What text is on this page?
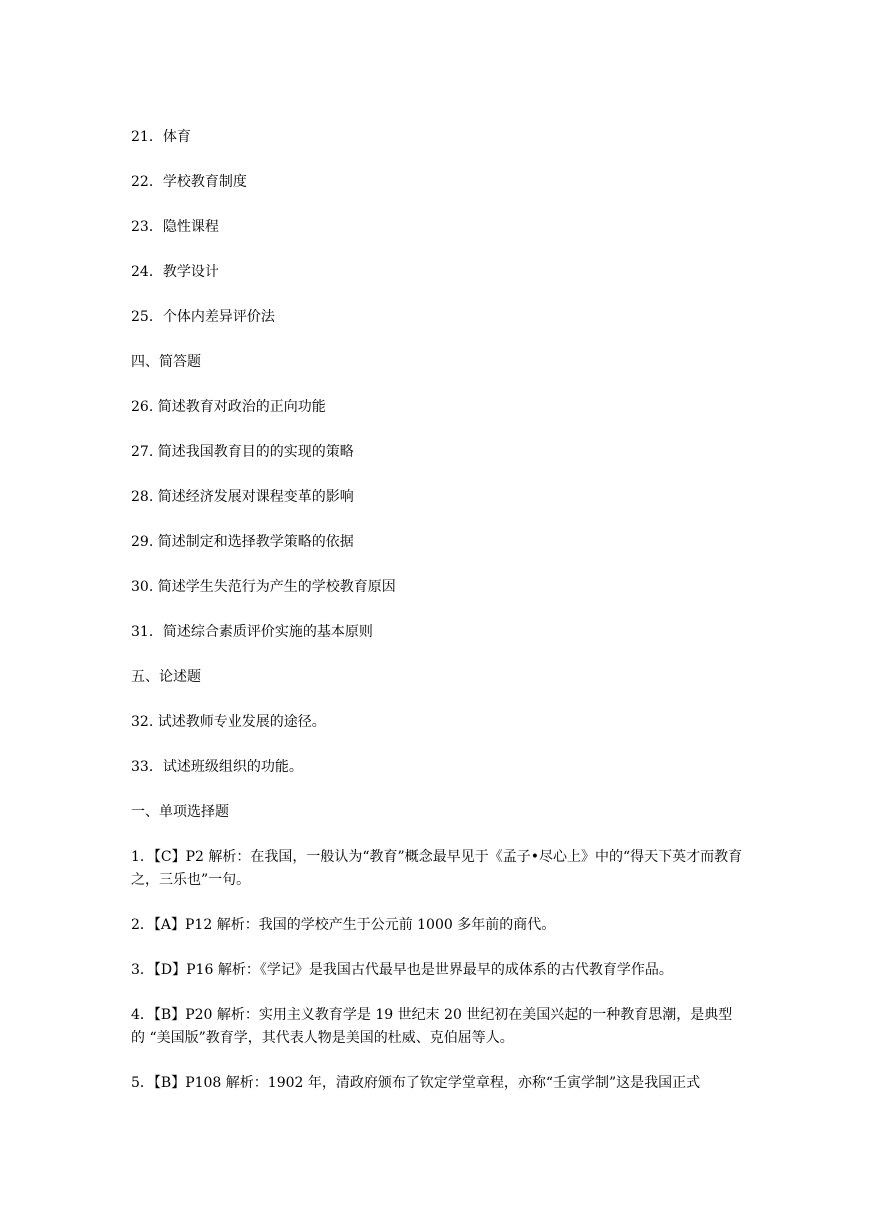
21．体育

22．学校教育制度

23．隐性课程

24．教学设计

25．个体内差异评价法

四、简答题

26. 简述教育对政治的正向功能

27. 简述我国教育目的的实现的策略

28. 简述经济发展对课程变革的影响

29. 简述制定和选择教学策略的依据

30. 简述学生失范行为产生的学校教育原因

31．简述综合素质评价实施的基本原则

五、论述题

32. 试述教师专业发展的途径。

33．试述班级组织的功能。

一、单项选择题

1．【C】P2 解析：在我国，一般认为“教育”概念最早见于《孟子•尽心上》中的“得天下英才而教育之，三乐也”一句。

2．【A】P12 解析：我国的学校产生于公元前 1000 多年前的商代。

3．【D】P16 解析：《学记》是我国古代最早也是世界最早的成体系的古代教育学作品。

4．【B】P20 解析：实用主义教育学是 19 世纪末 20 世纪初在美国兴起的一种教育思潮，是典型的 “美国版”教育学，其代表人物是美国的杜威、克伯屈等人。

5．【B】P108 解析：1902 年，清政府颁布了钦定学堂章程，亦称“壬寅学制”这是我国正式
